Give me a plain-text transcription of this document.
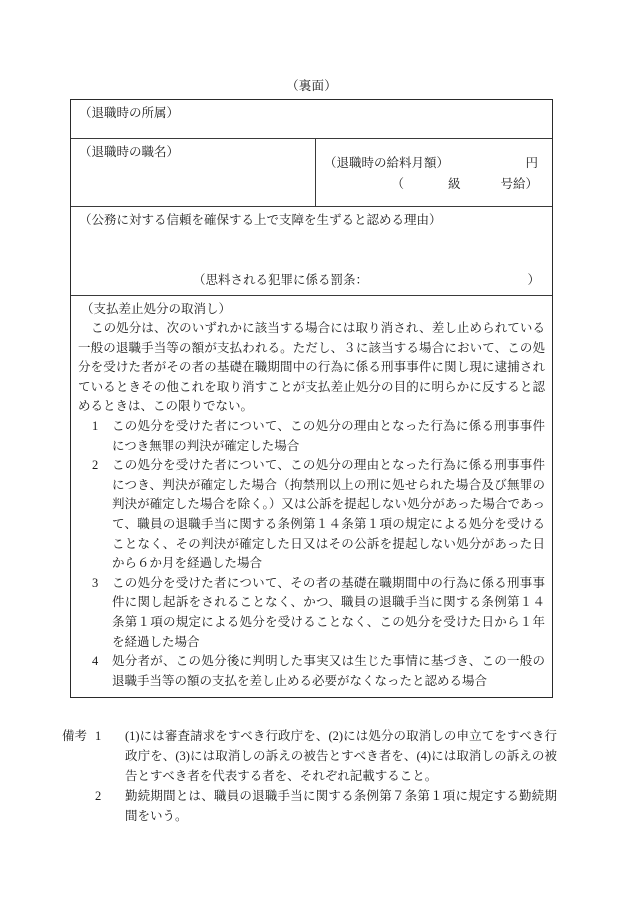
（裏面）
（退職時の所属）
（退職時の職名）
（退職時の給料月額）	円
（	級	号給）
（公務に対する信頼を確保する上で支障を生ずると認める理由）
（思料される犯罪に係る罰条：	）
（支払差止処分の取消し）

この処分は、次のいずれかに該当する場合には取り消され、差し止められている一般の退職手当等の額が支払われる。ただし、３に該当する場合において、この処分を受けた者がその者の基礎在職期間中の行為に係る刑事事件に関し現に逮捕されているときその他これを取り消すことが支払差止処分の目的に明らかに反すると認めるときは、この限りでない。

1	この処分を受けた者について、この処分の理由となった行為に係る刑事事件につき無罪の判決が確定した場合
2	この処分を受けた者について、この処分の理由となった行為に係る刑事事件につき、判決が確定した場合（拘禁刑以上の刑に処せられた場合及び無罪の判決が確定した場合を除く。）又は公訴を提起しない処分があった場合であって、職員の退職手当に関する条例第１４条第１項の規定による処分を受けることなく、その判決が確定した日又はその公訴を提起しない処分があった日から６か月を経過した場合
3	この処分を受けた者について、その者の基礎在職期間中の行為に係る刑事事件に関し起訴をされることなく、かつ、職員の退職手当に関する条例第１４条第１項の規定による処分を受けることなく、この処分を受けた日から１年を経過した場合
4	処分者が、この処分後に判明した事実又は生じた事情に基づき、この一般の退職手当等の額の支払を差し止める必要がなくなったと認める場合
備考 1	(1)には審査請求をすべき行政庁を、(2)には処分の取消しの申立てをすべき行政庁を、(3)には取消しの訴えの被告とすべき者を、(4)には取消しの訴えの被告とすべき者を代表する者を、それぞれ記載すること。
2	勤続期間とは、職員の退職手当に関する条例第７条第１項に規定する勤続期間をいう。
